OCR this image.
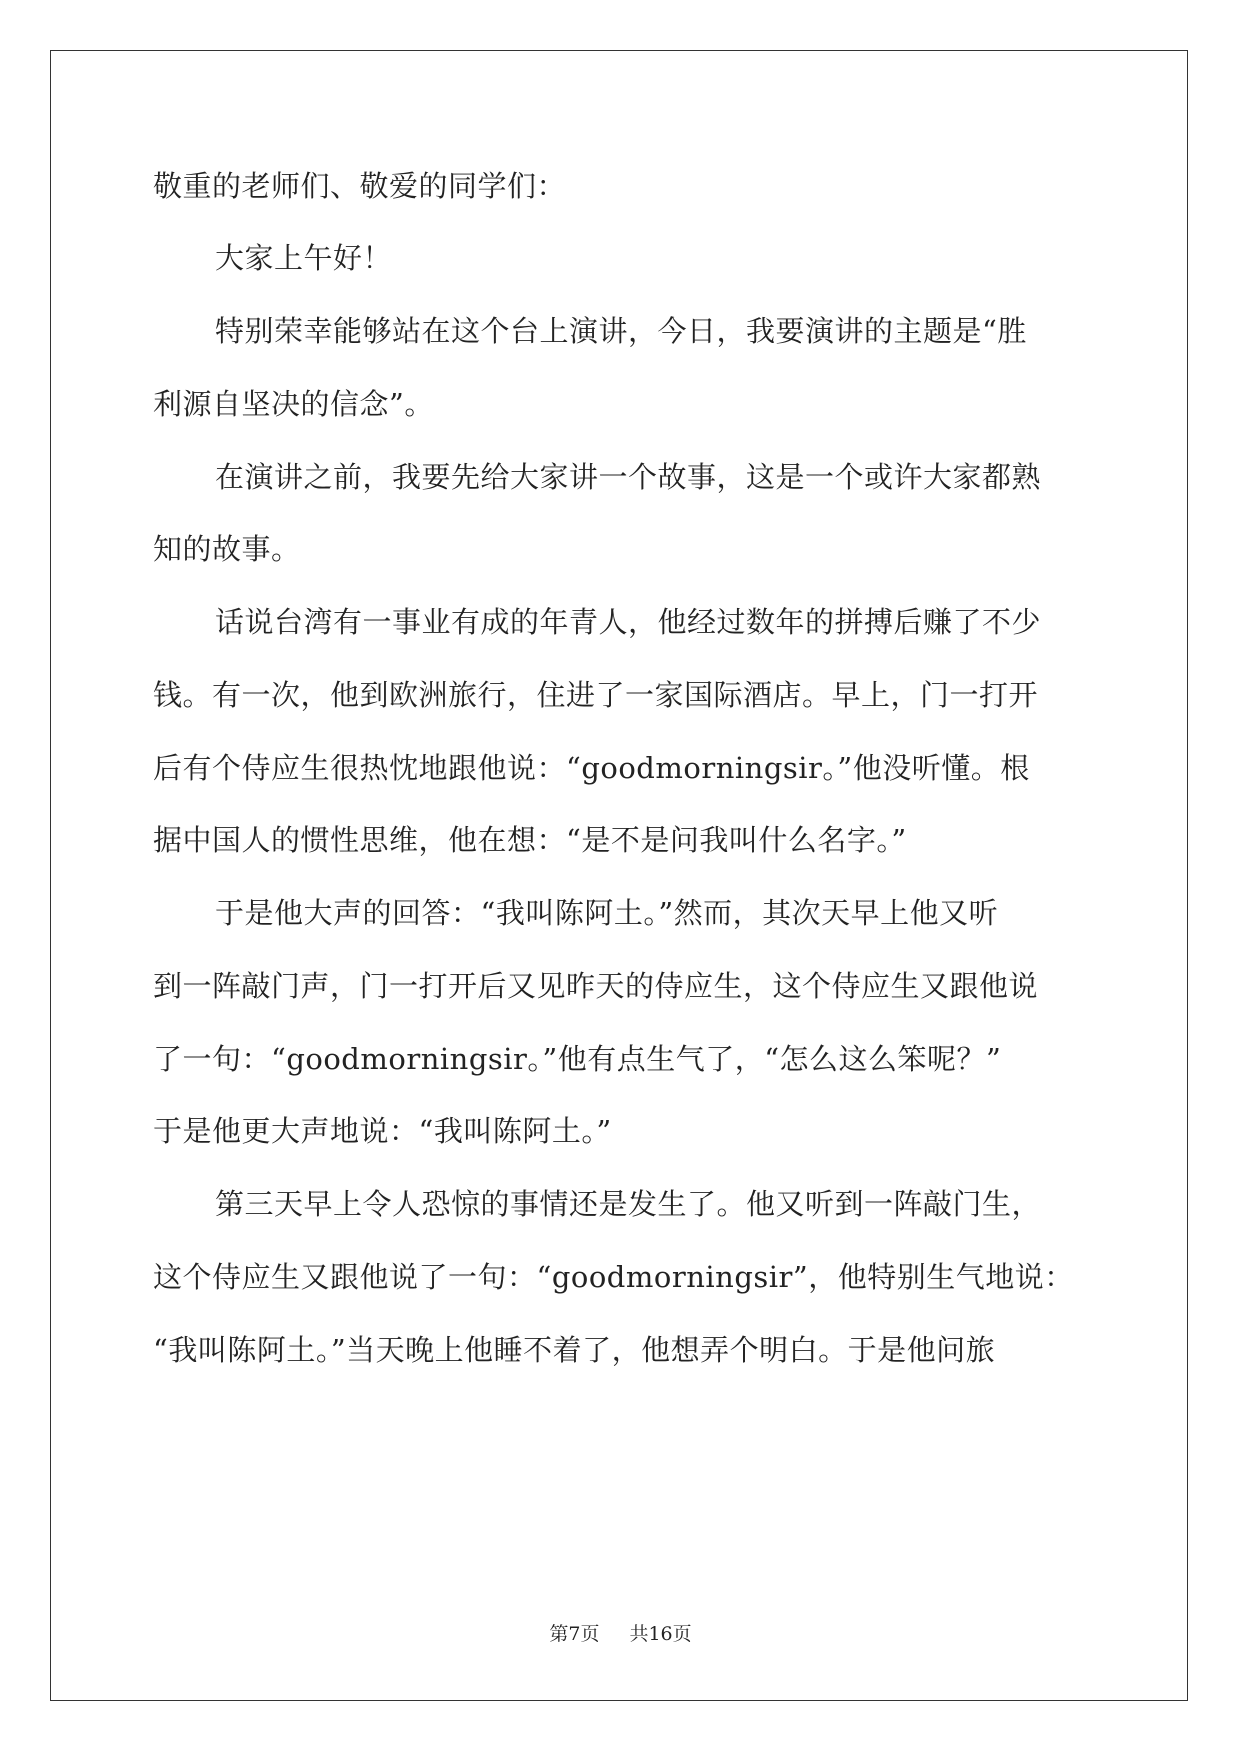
敬重的老师们、敬爱的同学们：
大家上午好！
特别荣幸能够站在这个台上演讲，今日，我要演讲的主题是“胜
利源自坚决的信念”。
在演讲之前，我要先给大家讲一个故事，这是一个或许大家都熟
知的故事。
话说台湾有一事业有成的年青人，他经过数年的拼搏后赚了不少
钱。有一次，他到欧洲旅行，住进了一家国际酒店。早上，门一打开
后有个侍应生很热忱地跟他说：“goodmorningsir。”他没听懂。根
据中国人的惯性思维，他在想：“是不是问我叫什么名字。”
于是他大声的回答：“我叫陈阿土。”然而，其次天早上他又听
到一阵敲门声，门一打开后又见昨天的侍应生，这个侍应生又跟他说
了一句：“goodmorningsir。”他有点生气了，“怎么这么笨呢？”
于是他更大声地说：“我叫陈阿土。”
第三天早上令人恐惊的事情还是发生了。他又听到一阵敲门生，
这个侍应生又跟他说了一句：“goodmorningsir”，他特别生气地说：
“我叫陈阿土。”当天晚上他睡不着了，他想弄个明白。于是他问旅
第7页 共16页
